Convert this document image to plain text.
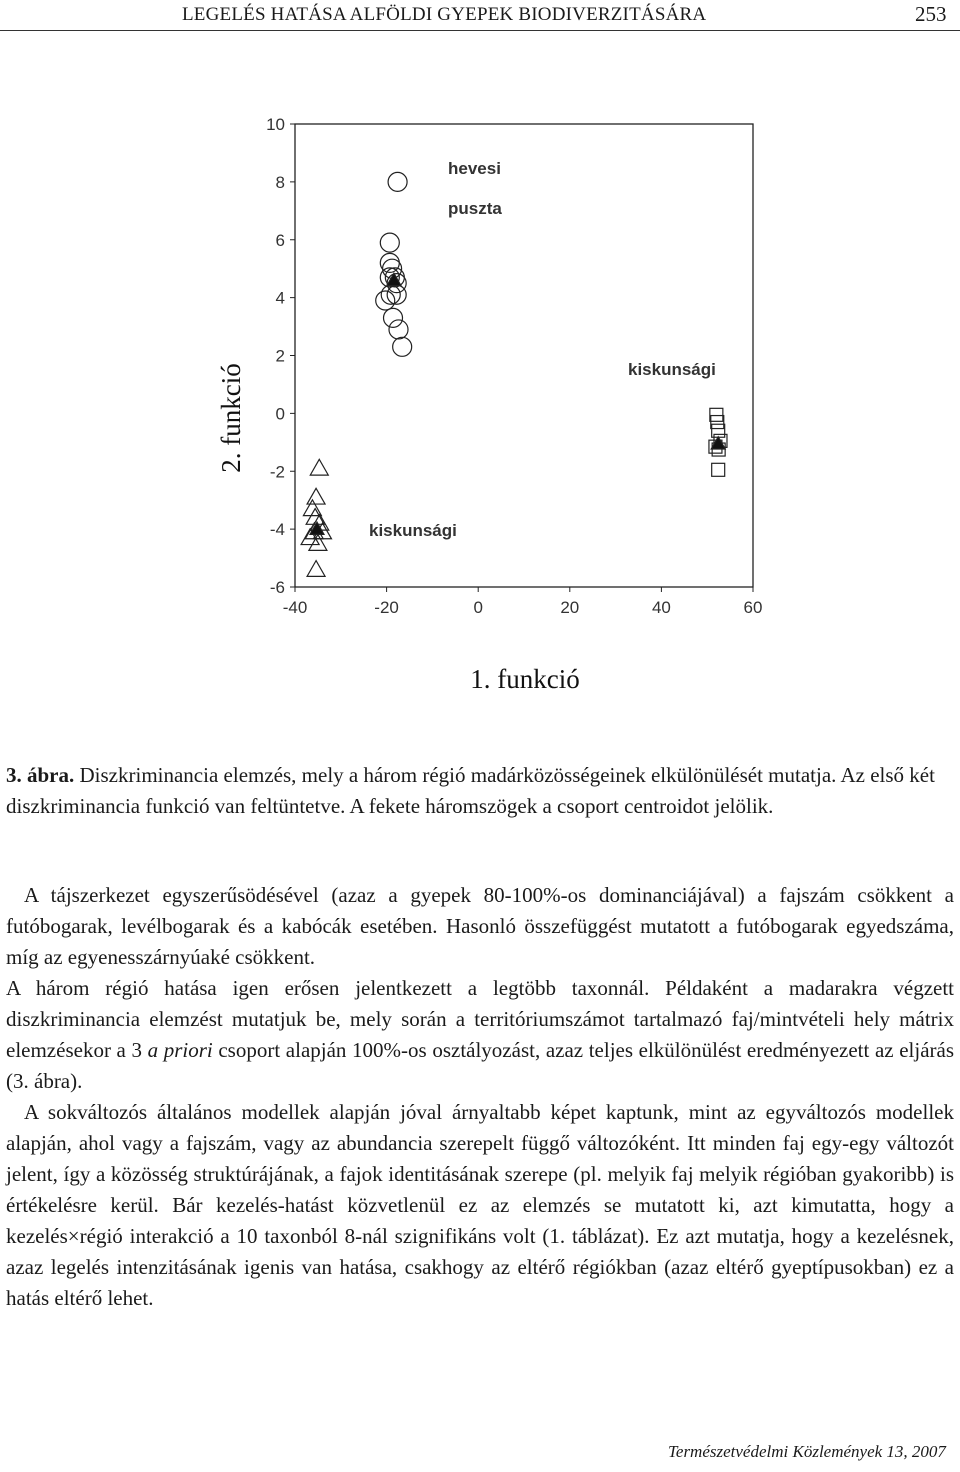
LEGELÉS HATÁSA ALFÖLDI GYEPEK BIODIVERZITÁSÁRA	253
-40	-20	0	20	40	60
10
8
6
4
2
0
-2
-4
-6
hevesi
puszta
kiskunsági
kiskunsági
1. funkció
2. funkció
3. ábra. Diszkriminancia elemzés, mely a három régió madárközösségeinek elkülönülését mutatja. Az első két diszkriminancia funkció van feltüntetve. A fekete háromszögek a csoport centroidot jelölik.

A tájszerkezet egyszerűsödésével (azaz a gyepek 80-100%-os dominanciájával) a fajszám csökkent a futóbogarak, levélbogarak és a kabócák esetében. Hasonló összefüggést mutatott a futóbogarak egyedszáma, míg az egyenesszárnyúaké csökkent.

A három régió hatása igen erősen jelentkezett a legtöbb taxonnál. Példaként a madarakra végzett diszkriminancia elemzést mutatjuk be, mely során a territóriumszámot tartalmazó faj/mintvételi hely mátrix elemzésekor a 3 a priori csoport alapján 100%-os osztályozást, azaz teljes elkülönülést eredményezett az eljárás (3. ábra).

A sokváltozós általános modellek alapján jóval árnyaltabb képet kaptunk, mint az egyváltozós modellek alapján, ahol vagy a fajszám, vagy az abundancia szerepelt függő változóként. Itt minden faj egy-egy változót jelent, így a közösség struktúrájának, a fajok identitásának szerepe (pl. melyik faj melyik régióban gyakoribb) is értékelésre kerül. Bár kezelés-hatást közvetlenül ez az elemzés se mutatott ki, azt kimutatta, hogy a kezelés×régió interakció a 10 taxonból 8-nál szignifikáns volt (1. táblázat). Ez azt mutatja, hogy a kezelésnek, azaz legelés intenzitásának igenis van hatása, csakhogy az eltérő régiókban (azaz eltérő gyeptípusokban) ez a hatás eltérő lehet.

Természetvédelmi Közlemények 13, 2007
